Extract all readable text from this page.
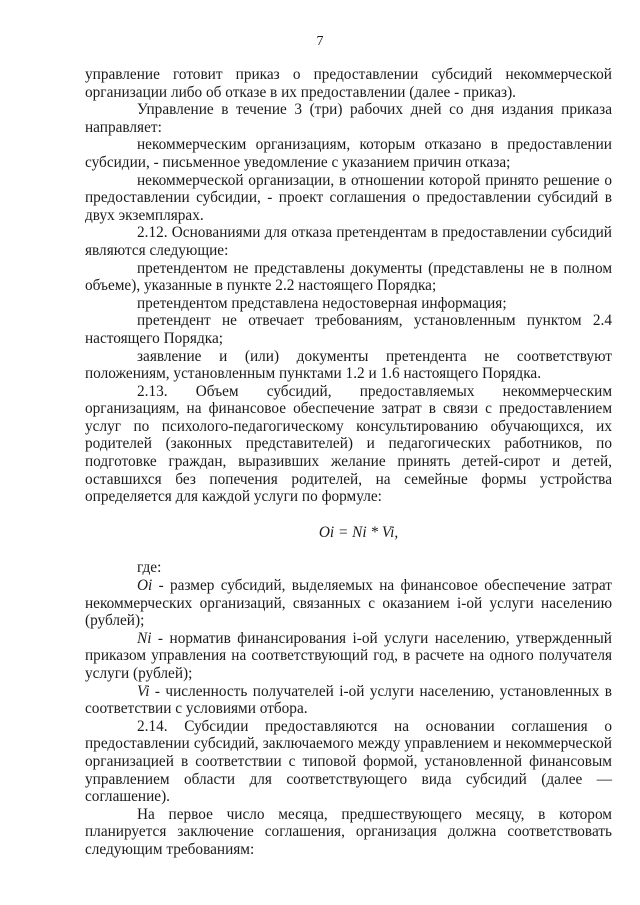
7

управление готовит приказ о предоставлении субсидий некоммерческой организации либо об отказе в их предоставлении (далее - приказ).

Управление в течение 3 (три) рабочих дней со дня издания приказа направляет:

некоммерческим организациям, которым отказано в предоставлении субсидии, - письменное уведомление с указанием причин отказа;

некоммерческой организации, в отношении которой принято решение о предоставлении субсидии, - проект соглашения о предоставлении субсидий в двух экземплярах.

2.12. Основаниями для отказа претендентам в предоставлении субсидий являются следующие:

претендентом не представлены документы (представлены не в полном объеме), указанные в пункте 2.2 настоящего Порядка;

претендентом представлена недостоверная информация;

претендент не отвечает требованиям, установленным пунктом 2.4 настоящего Порядка;

заявление и (или) документы претендента не соответствуют положениям, установленным пунктами 1.2 и 1.6 настоящего Порядка.

2.13. Объем субсидий, предоставляемых некоммерческим организациям, на финансовое обеспечение затрат в связи с предоставлением услуг по психолого-педагогическому консультированию обучающихся, их родителей (законных представителей) и педагогических работников, по подготовке граждан, выразивших желание принять детей-сирот и детей, оставшихся без попечения родителей, на семейные формы устройства определяется для каждой услуги по формуле:

Oi = Ni * Vi,

где:

Oi - размер субсидий, выделяемых на финансовое обеспечение затрат некоммерческих организаций, связанных с оказанием i-ой услуги населению (рублей);

Ni - норматив финансирования i-ой услуги населению, утвержденный приказом управления на соответствующий год, в расчете на одного получателя услуги (рублей);

Vi - численность получателей i-ой услуги населению, установленных в соответствии с условиями отбора.

2.14. Субсидии предоставляются на основании соглашения о предоставлении субсидий, заключаемого между управлением и некоммерческой организацией в соответствии с типовой формой, установленной финансовым управлением области для соответствующего вида субсидий (далее — соглашение).

На первое число месяца, предшествующего месяцу, в котором планируется заключение соглашения, организация должна соответствовать следующим требованиям:
